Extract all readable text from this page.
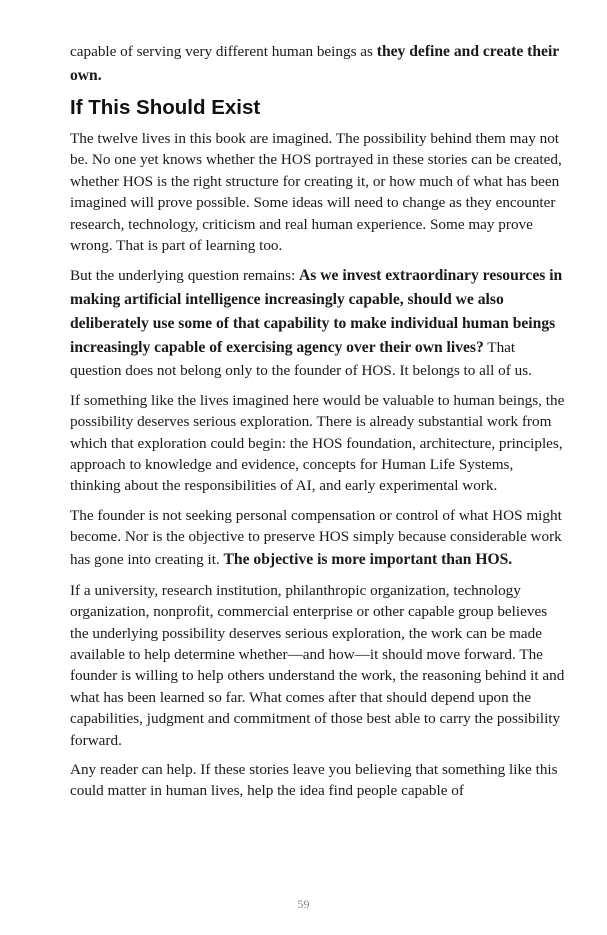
capable of serving very different human beings as they define and create their own.

If This Should Exist

The twelve lives in this book are imagined. The possibility behind them may not be. No one yet knows whether the HOS portrayed in these stories can be created, whether HOS is the right structure for creating it, or how much of what has been imagined will prove possible. Some ideas will need to change as they encounter research, technology, criticism and real human experience. Some may prove wrong. That is part of learning too.

But the underlying question remains: As we invest extraordinary resources in making artificial intelligence increasingly capable, should we also deliberately use some of that capability to make individual human beings increasingly capable of exercising agency over their own lives? That question does not belong only to the founder of HOS. It belongs to all of us.

If something like the lives imagined here would be valuable to human beings, the possibility deserves serious exploration. There is already substantial work from which that exploration could begin: the HOS foundation, architecture, principles, approach to knowledge and evidence, concepts for Human Life Systems, thinking about the responsibilities of AI, and early experimental work.

The founder is not seeking personal compensation or control of what HOS might become. Nor is the objective to preserve HOS simply because considerable work has gone into creating it. The objective is more important than HOS.

If a university, research institution, philanthropic organization, technology organization, nonprofit, commercial enterprise or other capable group believes the underlying possibility deserves serious exploration, the work can be made available to help determine whether—and how—it should move forward. The founder is willing to help others understand the work, the reasoning behind it and what has been learned so far. What comes after that should depend upon the capabilities, judgment and commitment of those best able to carry the possibility forward.

Any reader can help. If these stories leave you believing that something like this could matter in human lives, help the idea find people capable of

59
